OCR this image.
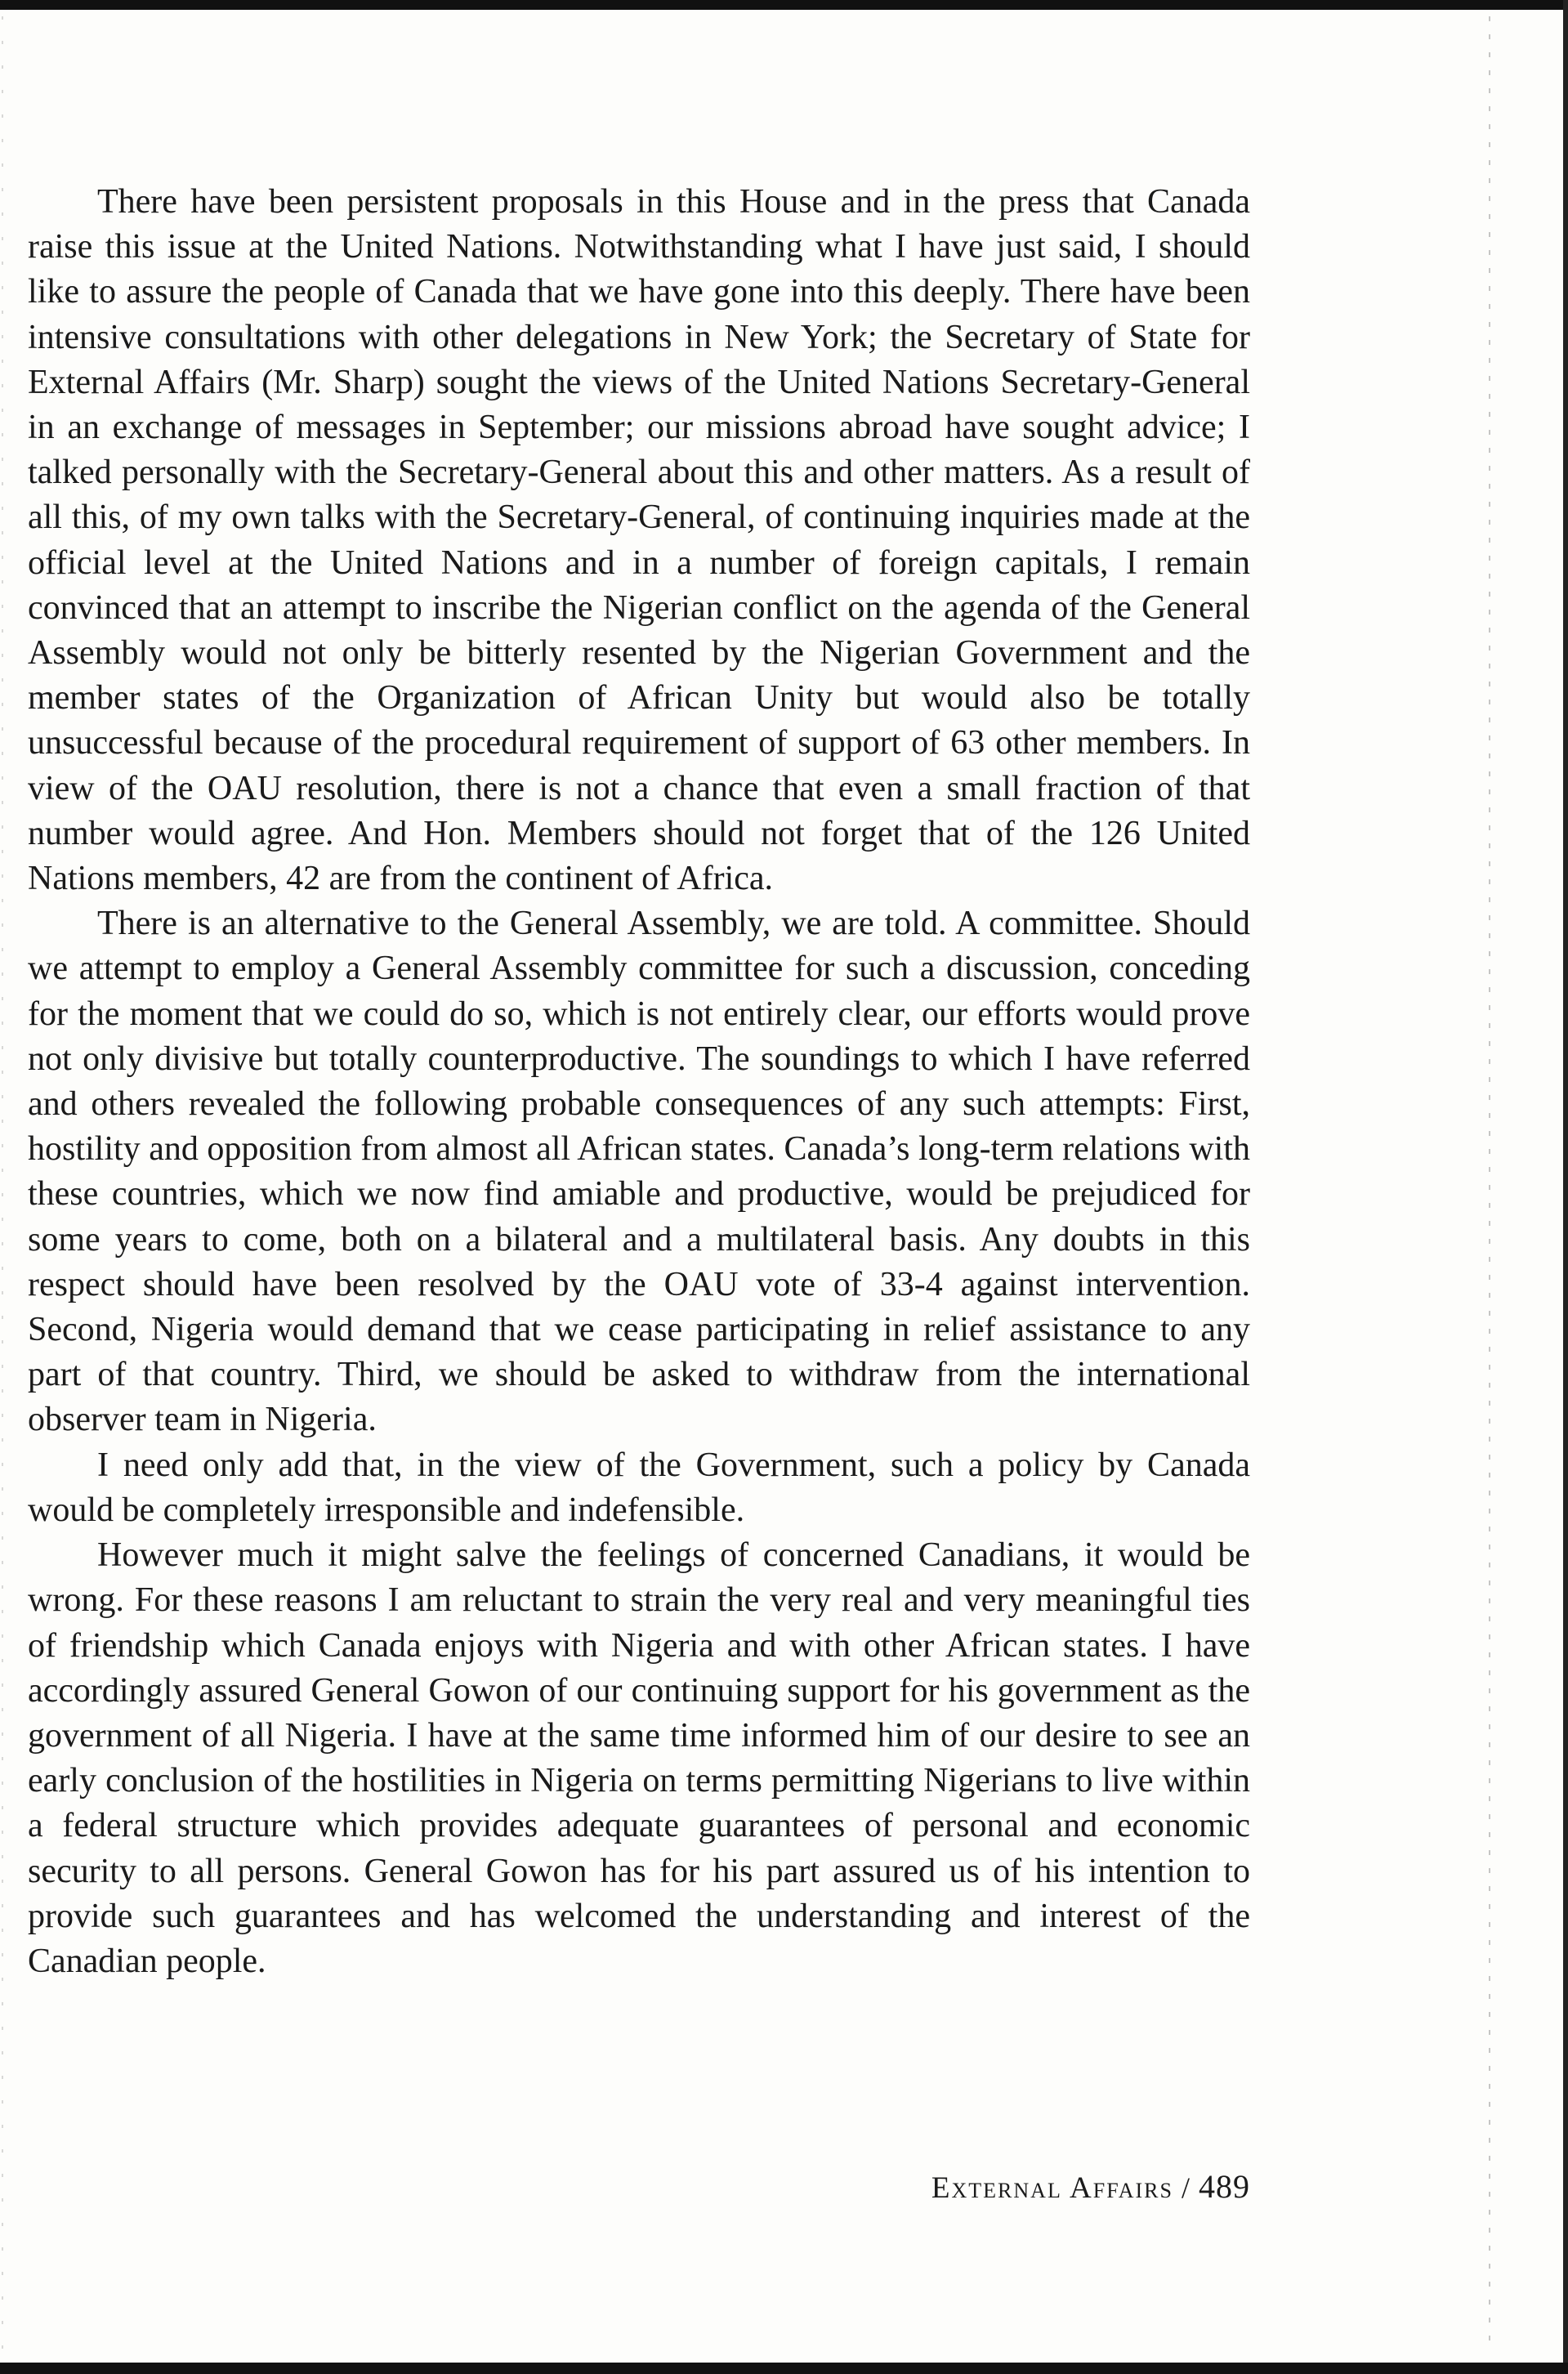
There have been persistent proposals in this House and in the press that Canada raise this issue at the United Nations. Notwithstanding what I have just said, I should like to assure the people of Canada that we have gone into this deeply. There have been intensive consultations with other delegations in New York; the Secretary of State for External Affairs (Mr. Sharp) sought the views of the United Nations Secretary-General in an exchange of messages in September; our missions abroad have sought advice; I talked personally with the Secretary-General about this and other matters. As a result of all this, of my own talks with the Secretary-General, of continuing inquiries made at the official level at the United Nations and in a number of foreign capitals, I remain convinced that an attempt to inscribe the Nigerian conflict on the agenda of the General Assembly would not only be bitterly resented by the Nigerian Government and the member states of the Organization of African Unity but would also be totally unsuccessful because of the procedural requirement of support of 63 other members. In view of the OAU resolution, there is not a chance that even a small fraction of that number would agree. And Hon. Members should not forget that of the 126 United Nations members, 42 are from the continent of Africa.

There is an alternative to the General Assembly, we are told. A committee. Should we attempt to employ a General Assembly committee for such a discussion, conceding for the moment that we could do so, which is not entirely clear, our efforts would prove not only divisive but totally counterproductive. The soundings to which I have referred and others revealed the following probable consequences of any such attempts: First, hostility and opposition from almost all African states. Canada’s long-term relations with these countries, which we now find amiable and productive, would be prejudiced for some years to come, both on a bilateral and a multilateral basis. Any doubts in this respect should have been resolved by the OAU vote of 33-4 against intervention. Second, Nigeria would demand that we cease participating in relief assistance to any part of that country. Third, we should be asked to withdraw from the international observer team in Nigeria.

I need only add that, in the view of the Government, such a policy by Canada would be completely irresponsible and indefensible.

However much it might salve the feelings of concerned Canadians, it would be wrong. For these reasons I am reluctant to strain the very real and very meaningful ties of friendship which Canada enjoys with Nigeria and with other African states. I have accordingly assured General Gowon of our continuing support for his government as the government of all Nigeria. I have at the same time informed him of our desire to see an early conclusion of the hostilities in Nigeria on terms permitting Nigerians to live within a federal structure which provides adequate guarantees of personal and economic security to all persons. General Gowon has for his part assured us of his intention to provide such guarantees and has welcomed the understanding and interest of the Canadian people.

External Affairs / 489
